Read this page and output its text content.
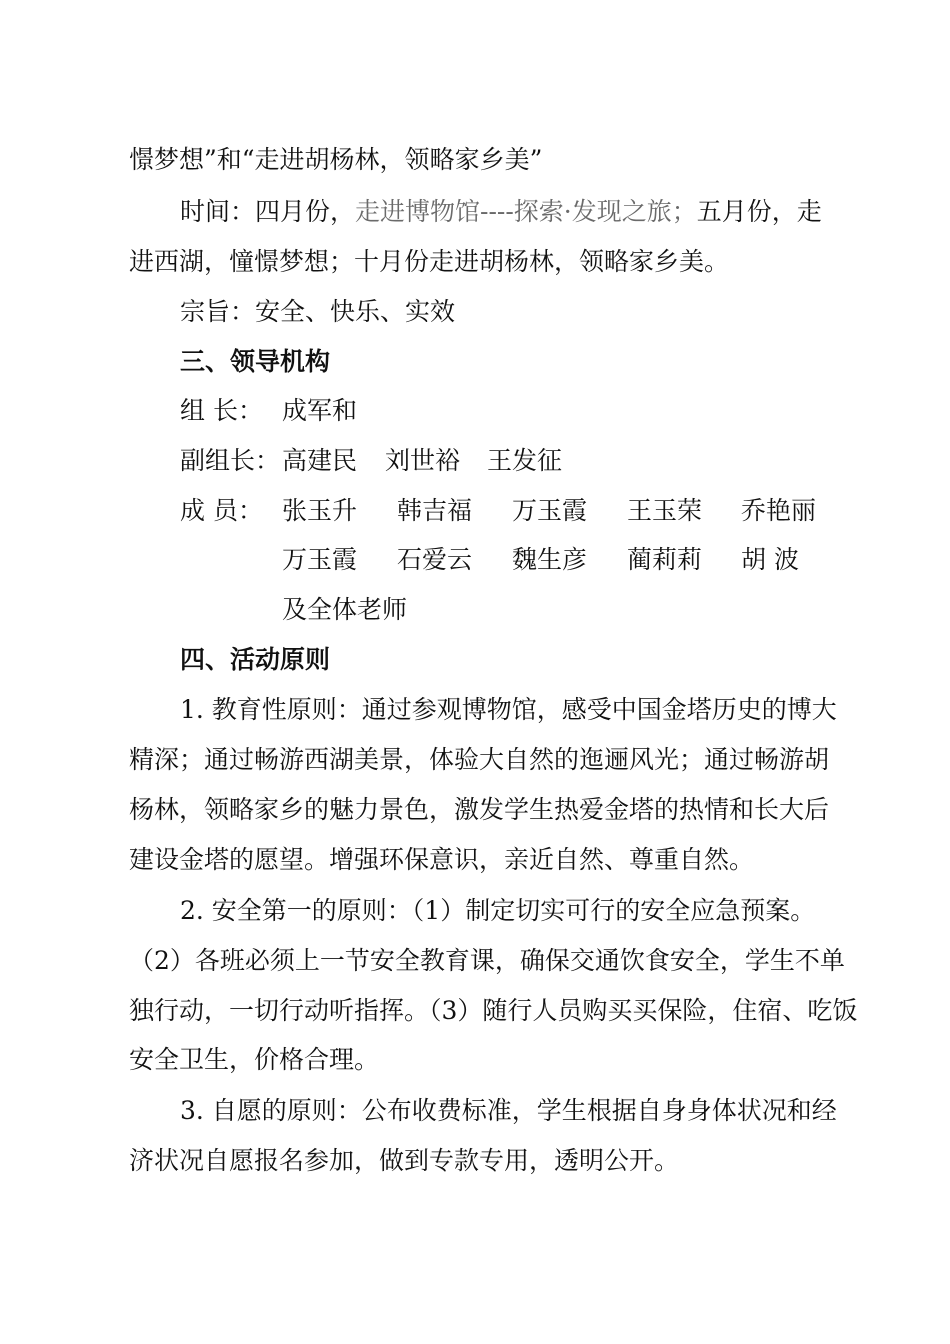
憬梦想”和“走进胡杨林，领略家乡美”
时间：四月份，走进博物馆----探索·发现之旅；五月份，走
进西湖，憧憬梦想；十月份走进胡杨林，领略家乡美。
宗旨：安全、快乐、实效
三、领导机构
组 长： 成军和
副组长： 高建民 刘世裕 王发征
成 员： 张玉升 韩吉福 万玉霞 王玉荣 乔艳丽
万玉霞 石爱云 魏生彦 蔺莉莉 胡 波
及全体老师
四、活动原则
1. 教育性原则：通过参观博物馆，感受中国金塔历史的博大
精深；通过畅游西湖美景，体验大自然的迤逦风光；通过畅游胡
杨林，领略家乡的魅力景色，激发学生热爱金塔的热情和长大后
建设金塔的愿望。增强环保意识，亲近自然、尊重自然。
2. 安全第一的原则：（1）制定切实可行的安全应急预案。
（2）各班必须上一节安全教育课，确保交通饮食安全，学生不单
独行动，一切行动听指挥。（3）随行人员购买买保险，住宿、吃饭
安全卫生，价格合理。
3. 自愿的原则：公布收费标准，学生根据自身身体状况和经
济状况自愿报名参加，做到专款专用，透明公开。
